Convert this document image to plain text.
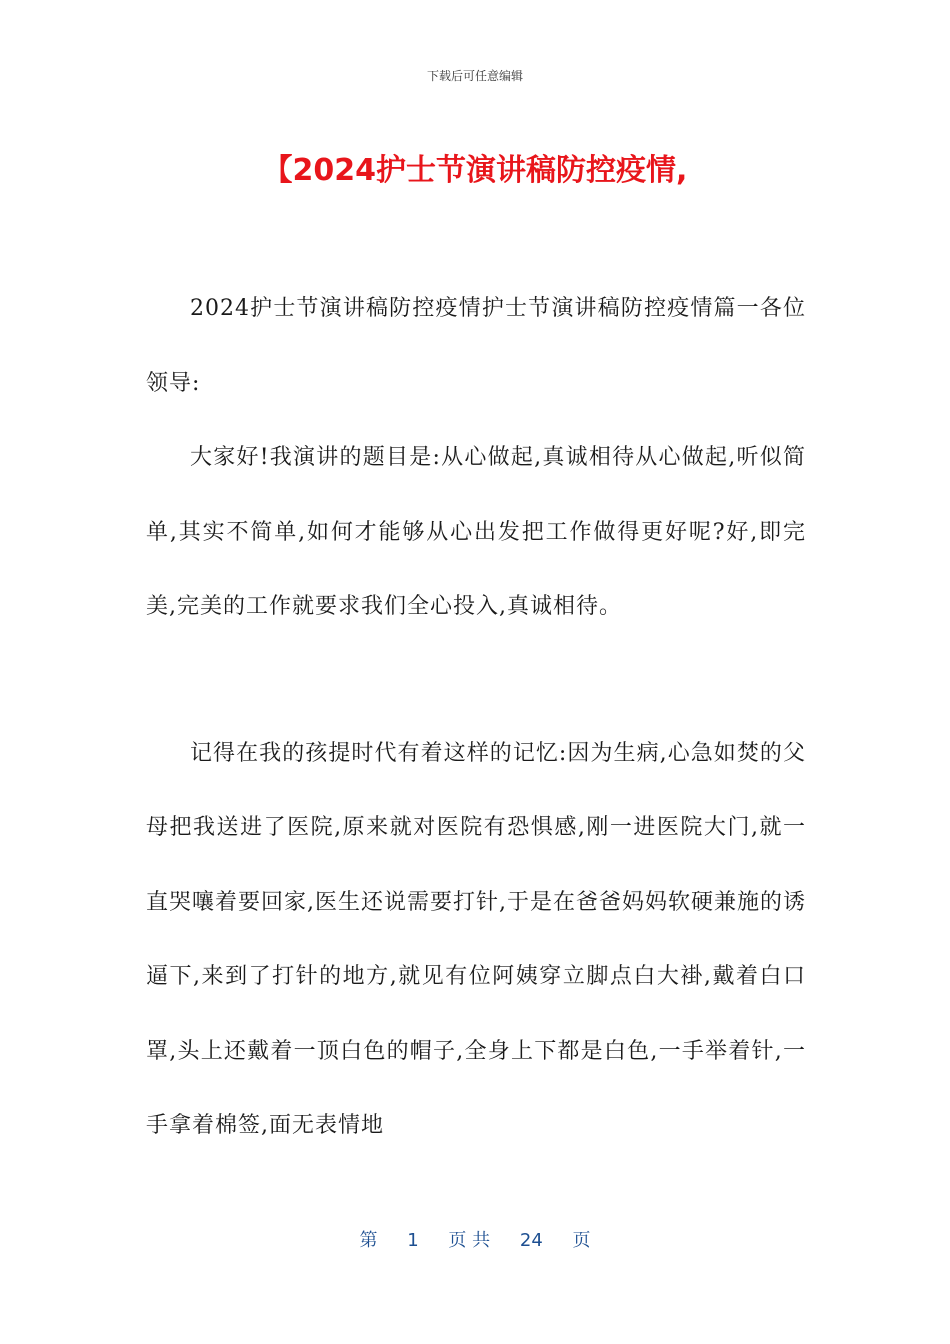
下载后可任意编辑
【2024护士节演讲稿防控疫情,

2024护士节演讲稿防控疫情护士节演讲稿防控疫情篇一各位领导:

大家好!我演讲的题目是:从心做起,真诚相待从心做起,听似简单,其实不简单,如何才能够从心出发把工作做得更好呢?好,即完美,完美的工作就要求我们全心投入,真诚相待。

记得在我的孩提时代有着这样的记忆:因为生病,心急如焚的父母把我送进了医院,原来就对医院有恐惧感,刚一进医院大门,就一直哭嚷着要回家,医生还说需要打针,于是在爸爸妈妈软硬兼施的诱逼下,来到了打针的地方,就见有位阿姨穿立脚点白大褂,戴着白口罩,头上还戴着一顶白色的帽子,全身上下都是白色,一手举着针,一手拿着棉签,面无表情地

第 1 页 共 24 页
